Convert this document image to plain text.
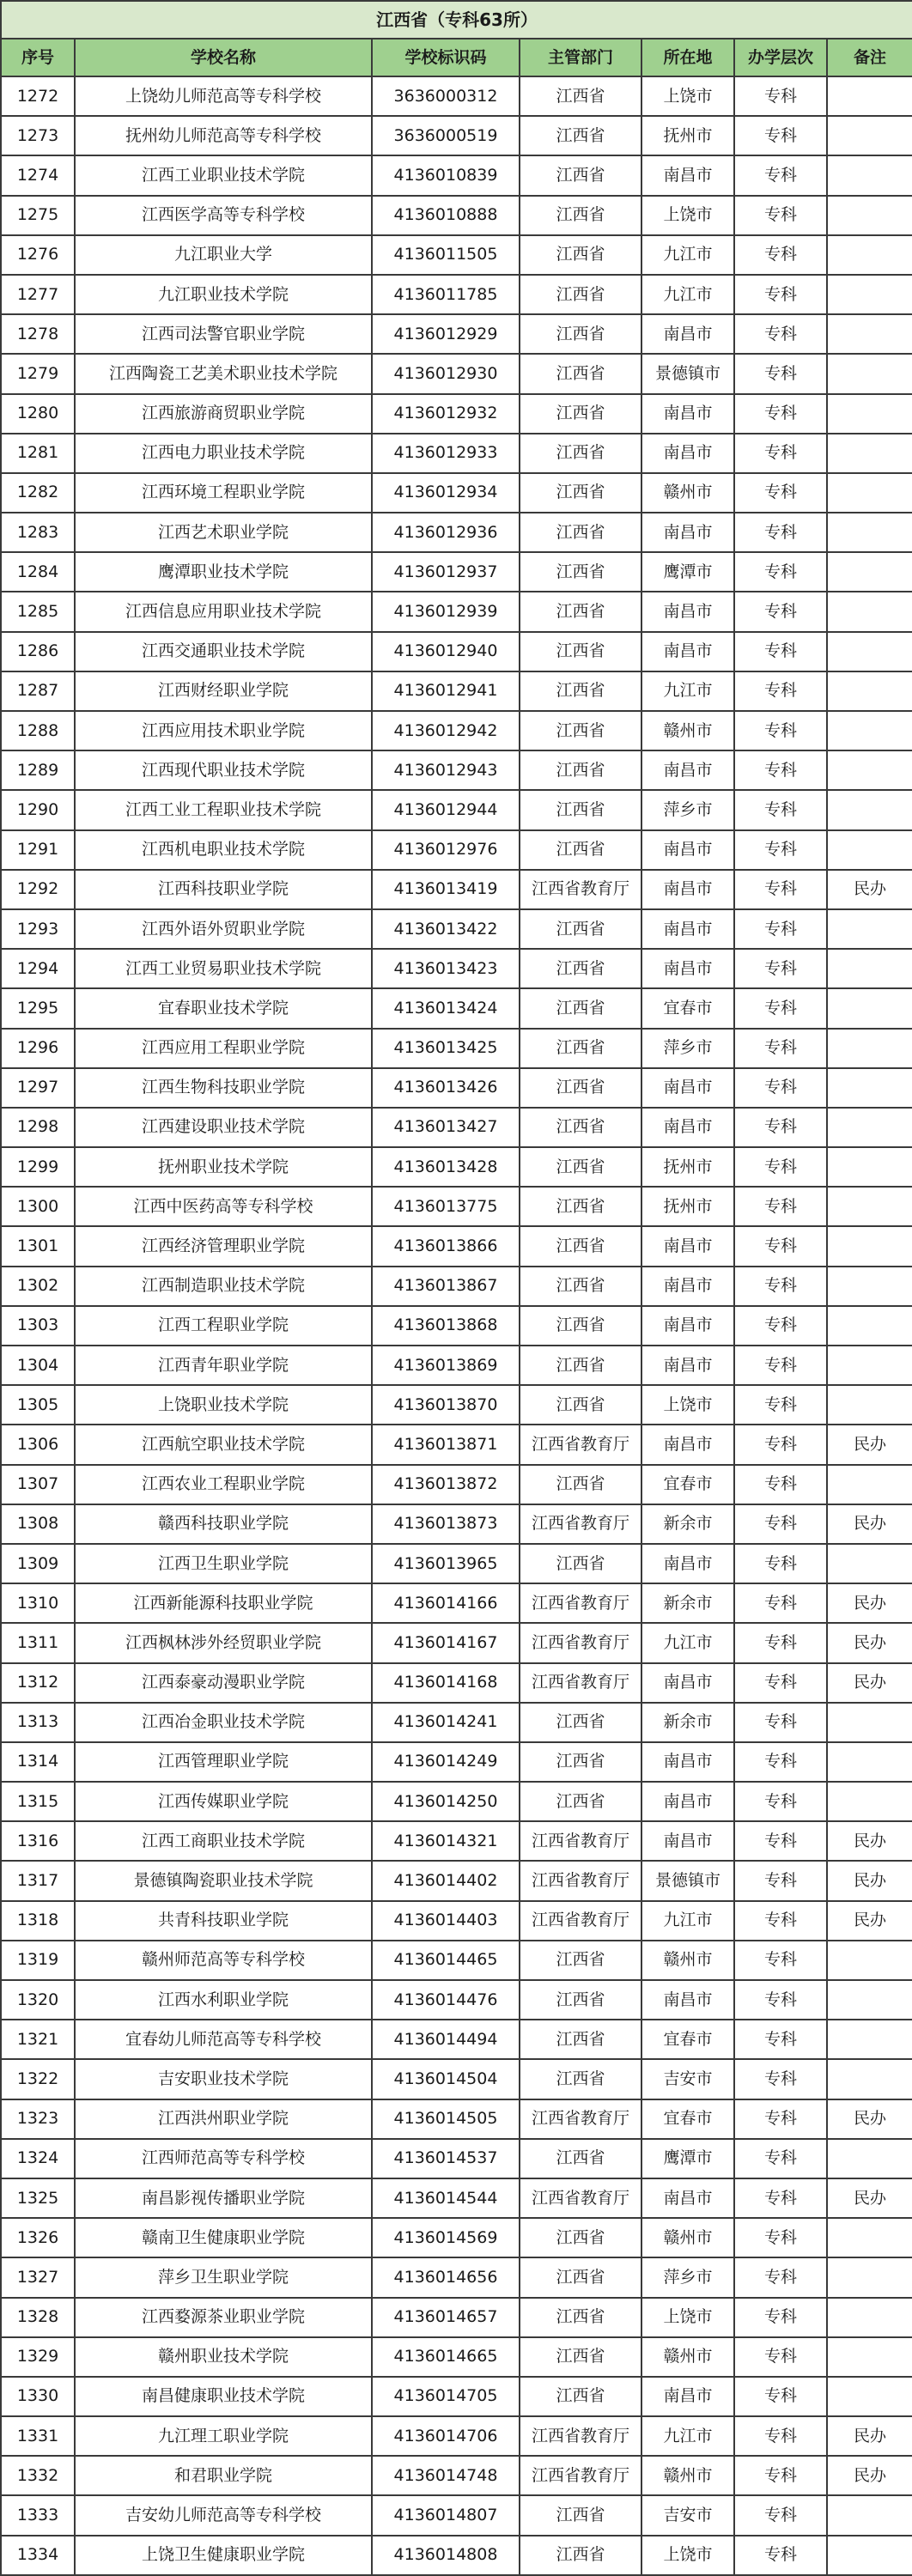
江西省（专科63所）						
序号	学校名称	学校标识码	主管部门	所在地	办学层次	备注
1272	上饶幼儿师范高等专科学校	3636000312	江西省	上饶市	专科	
1273	抚州幼儿师范高等专科学校	3636000519	江西省	抚州市	专科	
1274	江西工业职业技术学院	4136010839	江西省	南昌市	专科	
1275	江西医学高等专科学校	4136010888	江西省	上饶市	专科	
1276	九江职业大学	4136011505	江西省	九江市	专科	
1277	九江职业技术学院	4136011785	江西省	九江市	专科	
1278	江西司法警官职业学院	4136012929	江西省	南昌市	专科	
1279	江西陶瓷工艺美术职业技术学院	4136012930	江西省	景德镇市	专科	
1280	江西旅游商贸职业学院	4136012932	江西省	南昌市	专科	
1281	江西电力职业技术学院	4136012933	江西省	南昌市	专科	
1282	江西环境工程职业学院	4136012934	江西省	赣州市	专科	
1283	江西艺术职业学院	4136012936	江西省	南昌市	专科	
1284	鹰潭职业技术学院	4136012937	江西省	鹰潭市	专科	
1285	江西信息应用职业技术学院	4136012939	江西省	南昌市	专科	
1286	江西交通职业技术学院	4136012940	江西省	南昌市	专科	
1287	江西财经职业学院	4136012941	江西省	九江市	专科	
1288	江西应用技术职业学院	4136012942	江西省	赣州市	专科	
1289	江西现代职业技术学院	4136012943	江西省	南昌市	专科	
1290	江西工业工程职业技术学院	4136012944	江西省	萍乡市	专科	
1291	江西机电职业技术学院	4136012976	江西省	南昌市	专科	
1292	江西科技职业学院	4136013419	江西省教育厅	南昌市	专科	民办
1293	江西外语外贸职业学院	4136013422	江西省	南昌市	专科	
1294	江西工业贸易职业技术学院	4136013423	江西省	南昌市	专科	
1295	宜春职业技术学院	4136013424	江西省	宜春市	专科	
1296	江西应用工程职业学院	4136013425	江西省	萍乡市	专科	
1297	江西生物科技职业学院	4136013426	江西省	南昌市	专科	
1298	江西建设职业技术学院	4136013427	江西省	南昌市	专科	
1299	抚州职业技术学院	4136013428	江西省	抚州市	专科	
1300	江西中医药高等专科学校	4136013775	江西省	抚州市	专科	
1301	江西经济管理职业学院	4136013866	江西省	南昌市	专科	
1302	江西制造职业技术学院	4136013867	江西省	南昌市	专科	
1303	江西工程职业学院	4136013868	江西省	南昌市	专科	
1304	江西青年职业学院	4136013869	江西省	南昌市	专科	
1305	上饶职业技术学院	4136013870	江西省	上饶市	专科	
1306	江西航空职业技术学院	4136013871	江西省教育厅	南昌市	专科	民办
1307	江西农业工程职业学院	4136013872	江西省	宜春市	专科	
1308	赣西科技职业学院	4136013873	江西省教育厅	新余市	专科	民办
1309	江西卫生职业学院	4136013965	江西省	南昌市	专科	
1310	江西新能源科技职业学院	4136014166	江西省教育厅	新余市	专科	民办
1311	江西枫林涉外经贸职业学院	4136014167	江西省教育厅	九江市	专科	民办
1312	江西泰豪动漫职业学院	4136014168	江西省教育厅	南昌市	专科	民办
1313	江西冶金职业技术学院	4136014241	江西省	新余市	专科	
1314	江西管理职业学院	4136014249	江西省	南昌市	专科	
1315	江西传媒职业学院	4136014250	江西省	南昌市	专科	
1316	江西工商职业技术学院	4136014321	江西省教育厅	南昌市	专科	民办
1317	景德镇陶瓷职业技术学院	4136014402	江西省教育厅	景德镇市	专科	民办
1318	共青科技职业学院	4136014403	江西省教育厅	九江市	专科	民办
1319	赣州师范高等专科学校	4136014465	江西省	赣州市	专科	
1320	江西水利职业学院	4136014476	江西省	南昌市	专科	
1321	宜春幼儿师范高等专科学校	4136014494	江西省	宜春市	专科	
1322	吉安职业技术学院	4136014504	江西省	吉安市	专科	
1323	江西洪州职业学院	4136014505	江西省教育厅	宜春市	专科	民办
1324	江西师范高等专科学校	4136014537	江西省	鹰潭市	专科	
1325	南昌影视传播职业学院	4136014544	江西省教育厅	南昌市	专科	民办
1326	赣南卫生健康职业学院	4136014569	江西省	赣州市	专科	
1327	萍乡卫生职业学院	4136014656	江西省	萍乡市	专科	
1328	江西婺源茶业职业学院	4136014657	江西省	上饶市	专科	
1329	赣州职业技术学院	4136014665	江西省	赣州市	专科	
1330	南昌健康职业技术学院	4136014705	江西省	南昌市	专科	
1331	九江理工职业学院	4136014706	江西省教育厅	九江市	专科	民办
1332	和君职业学院	4136014748	江西省教育厅	赣州市	专科	民办
1333	吉安幼儿师范高等专科学校	4136014807	江西省	吉安市	专科	
1334	上饶卫生健康职业学院	4136014808	江西省	上饶市	专科	
